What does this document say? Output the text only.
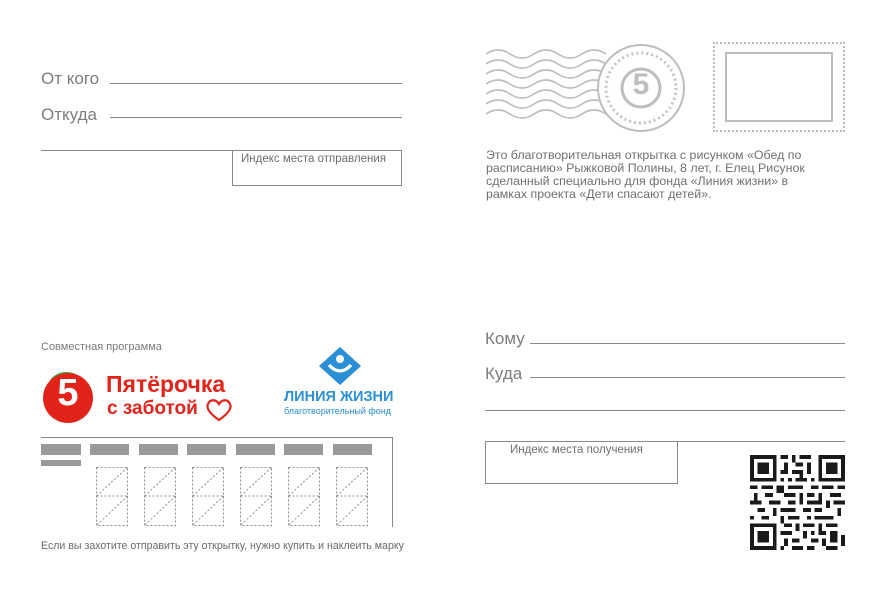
От кого
Откуда
Индекс места отправления
5
Это благотворительная открытка с рисунком «Обед по расписанию» Рыжковой Полины, 8 лет, г. Елец Рисунок сделанный специально для фонда «Линия жизни» в рамках проекта «Дети спасают детей».
Совместная программа
5	Пятёрочка
с заботой
ЛИНИЯ ЖИЗНИ
благотворительный фонд
Если вы захотите отправить эту открытку, нужно купить и наклеить марку
Кому
Куда
Индекс места получения
